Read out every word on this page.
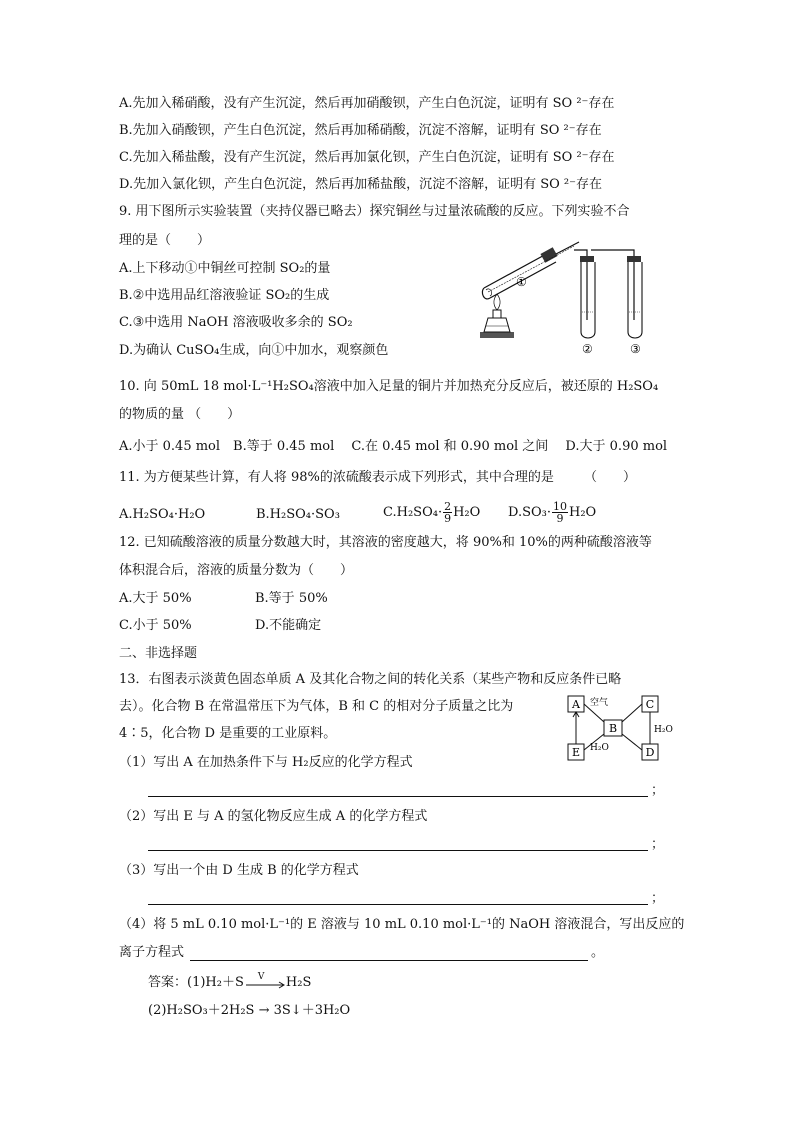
A.先加入稀硝酸，没有产生沉淀，然后再加硝酸钡，产生白色沉淀，证明有 SO ²⁻存在
B.先加入硝酸钡，产生白色沉淀，然后再加稀硝酸，沉淀不溶解，证明有 SO ²⁻存在
C.先加入稀盐酸，没有产生沉淀，然后再加氯化钡，产生白色沉淀，证明有 SO ²⁻存在
D.先加入氯化钡，产生白色沉淀，然后再加稀盐酸，沉淀不溶解，证明有 SO ²⁻存在
9. 用下图所示实验装置（夹持仪器已略去）探究铜丝与过量浓硫酸的反应。下列实验不合
理的是（　　）
A.上下移动①中铜丝可控制 SO₂的量
B.②中选用品红溶液验证 SO₂的生成
C.③中选用 NaOH 溶液吸收多余的 SO₂
D.为确认 CuSO₄生成，向①中加水，观察颜色
①
②	③
10. 向 50mL 18 mol·L⁻¹H₂SO₄溶液中加入足量的铜片并加热充分反应后，被还原的 H₂SO₄
的物质的量 （　　）
A.小于 0.45 mol　B.等于 0.45 mol　 C.在 0.45 mol 和 0.90 mol 之间　 D.大于 0.90 mol
11. 为方便某些计算，有人将 98%的浓硫酸表示成下列形式，其中合理的是　　 （　　）
A.H₂SO₄·H₂O	B.H₂SO₄·SO₃	$C.H_2SO_4\cdot \frac{2}{9} H_2O$ $D.SO_3\cdot \frac{10}{9} H_2O$
12. 已知硫酸溶液的质量分数越大时，其溶液的密度越大，将 90%和 10%的两种硫酸溶液等
体积混合后，溶液的质量分数为（　　）
A.大于 50%	B.等于 50%
C.小于 50%	D.不能确定
二、非选择题
13．右图表示淡黄色固态单质 A 及其化合物之间的转化关系（某些产物和反应条件已略
去）。化合物 B 在常温常压下为气体，B 和 C 的相对分子质量之比为
4∶5，化合物 D 是重要的工业原料。
A
B
C
D
E
空气
H₂O
H₂O
（1）写出 A 在加热条件下与 H₂反应的化学方程式
；
（2）写出 E 与 A 的氢化物反应生成 A 的化学方程式
；
（3）写出一个由 D 生成 B 的化学方程式
；
（4）将 5 mL 0.10 mol·L⁻¹的 E 溶液与 10 mL 0.10 mol·L⁻¹的 NaOH 溶液混合，写出反应的
离子方程式	。
答案：(1)H₂＋S V H₂S
(2)H₂SO₃＋2H₂S → 3S↓＋3H₂O
